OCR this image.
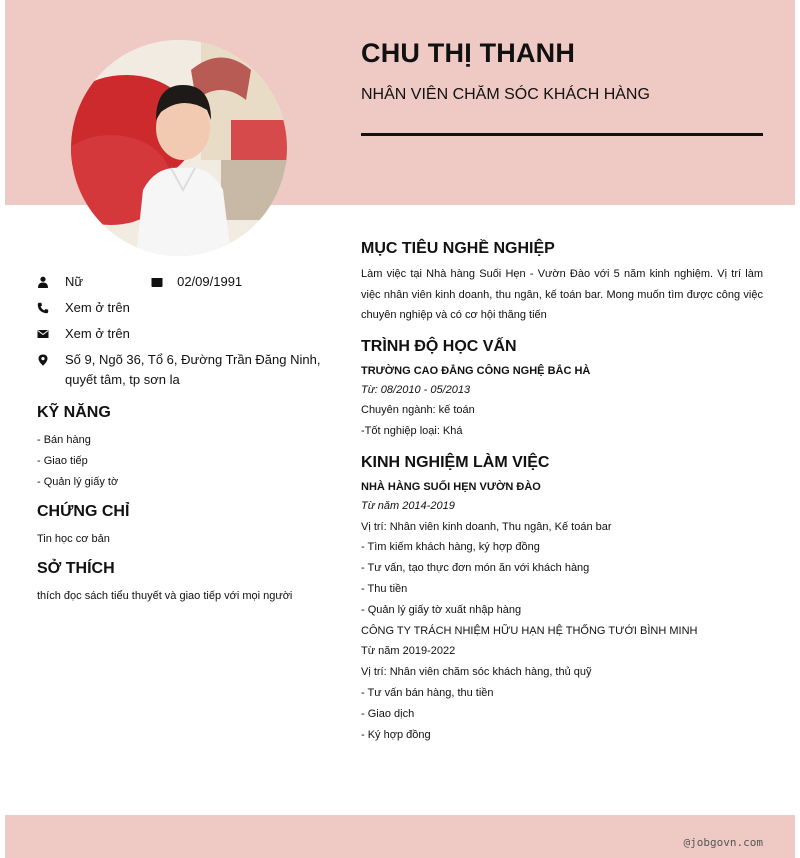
CHU THỊ THANH
NHÂN VIÊN CHĂM SÓC KHÁCH HÀNG
Nữ	02/09/1991
Xem ở trên
Xem ở trên
Số 9, Ngõ 36, Tổ 6, Đường Trần Đăng Ninh, quyết tâm, tp sơn la
KỸ NĂNG
- Bán hàng
- Giao tiếp
- Quản lý giấy tờ
CHỨNG CHỈ
Tin học cơ bản
SỞ THÍCH
thích đọc sách tiểu thuyết và giao tiếp với mọi người
MỤC TIÊU NGHỀ NGHIỆP
Làm việc tại Nhà hàng Suối Hẹn - Vườn Đào với 5 năm kinh nghiệm. Vị trí làm việc nhân viên kinh doanh, thu ngân, kế toán bar. Mong muốn tìm được công việc chuyên nghiệp và có cơ hội thăng tiến
TRÌNH ĐỘ HỌC VẤN
TRƯỜNG CAO ĐẲNG CÔNG NGHỆ BẮC HÀ
Từ: 08/2010 - 05/2013
Chuyên ngành: kế toán
-Tốt nghiệp loại: Khá
KINH NGHIỆM LÀM VIỆC
NHÀ HÀNG SUỐI HẸN VƯỜN ĐÀO
Từ năm 2014-2019
Vị trí: Nhân viên kinh doanh, Thu ngân, Kế toán bar
- Tìm kiếm khách hàng, ký hợp đồng
- Tư vấn, tạo thực đơn món ăn với khách hàng
- Thu tiền
- Quản lý giấy tờ xuất nhập hàng
CÔNG TY TRÁCH NHIỆM HỮU HẠN HỆ THỐNG TƯỚI BÌNH MINH
Từ năm 2019-2022
Vị trí: Nhân viên chăm sóc khách hàng, thủ quỹ
- Tư vấn bán hàng, thu tiền
- Giao dịch
- Ký hợp đồng
@jobgovn.com
